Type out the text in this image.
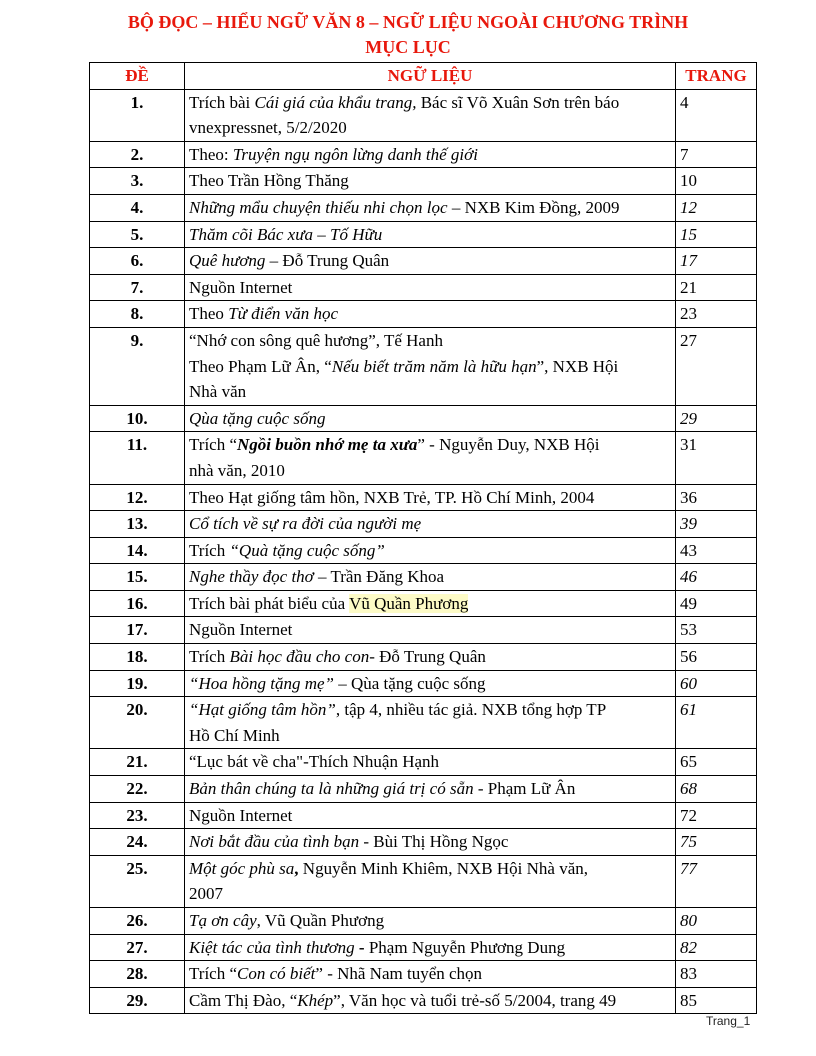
BỘ ĐỌC – HIỂU NGỮ VĂN 8 – NGỮ LIỆU NGOÀI CHƯƠNG TRÌNH
MỤC LỤC
ĐỀ	NGỮ LIỆU	TRANG
1.	Trích bài Cái giá của khẩu trang, Bác sĩ Võ Xuân Sơn trên báo
vnexpressnet, 5/2/2020	4
2.	Theo: Truyện ngụ ngôn lừng danh thế giới	7
3.	Theo Trần Hồng Thăng	10
4.	Những mẩu chuyện thiếu nhi chọn lọc – NXB Kim Đồng, 2009	12
5.	Thăm cõi Bác xưa – Tố Hữu	15
6.	Quê hương – Đỗ Trung Quân	17
7.	Nguồn Internet	21
8.	Theo Từ điển văn học	23
9.	“Nhớ con sông quê hương”, Tế Hanh
Theo Phạm Lữ Ân, “Nếu biết trăm năm là hữu hạn”, NXB Hội
Nhà văn	27
10.	Qùa tặng cuộc sống	29
11.	Trích “Ngồi buồn nhớ mẹ ta xưa” - Nguyễn Duy, NXB Hội
nhà văn, 2010	31
12.	Theo Hạt giống tâm hồn, NXB Trẻ, TP. Hồ Chí Minh, 2004	36
13.	Cổ tích về sự ra đời của người mẹ	39
14.	Trích “Quà tặng cuộc sống”	43
15.	Nghe thầy đọc thơ – Trần Đăng Khoa	46
16.	Trích bài phát biểu của Vũ Quần Phương	49
17.	Nguồn Internet	53
18.	Trích Bài học đầu cho con- Đỗ Trung Quân	56
19.	“Hoa hồng tặng mẹ” – Qùa tặng cuộc sống	60
20.	“Hạt giống tâm hồn”, tập 4, nhiều tác giả. NXB tổng hợp TP
Hồ Chí Minh	61
21.	“Lục bát về cha"-Thích Nhuận Hạnh	65
22.	Bản thân chúng ta là những giá trị có sẵn - Phạm Lữ Ân	68
23.	Nguồn Internet	72
24.	Nơi bắt đầu của tình bạn - Bùi Thị Hồng Ngọc	75
25.	Một góc phù sa, Nguyễn Minh Khiêm, NXB Hội Nhà văn,
2007	77
26.	Tạ ơn cây, Vũ Quần Phương	80
27.	Kiệt tác của tình thương - Phạm Nguyễn Phương Dung	82
28.	Trích “Con có biết” - Nhã Nam tuyển chọn	83
29.	Cầm Thị Đào, “Khép”, Văn học và tuổi trẻ-số 5/2004, trang 49	85
Trang_1
